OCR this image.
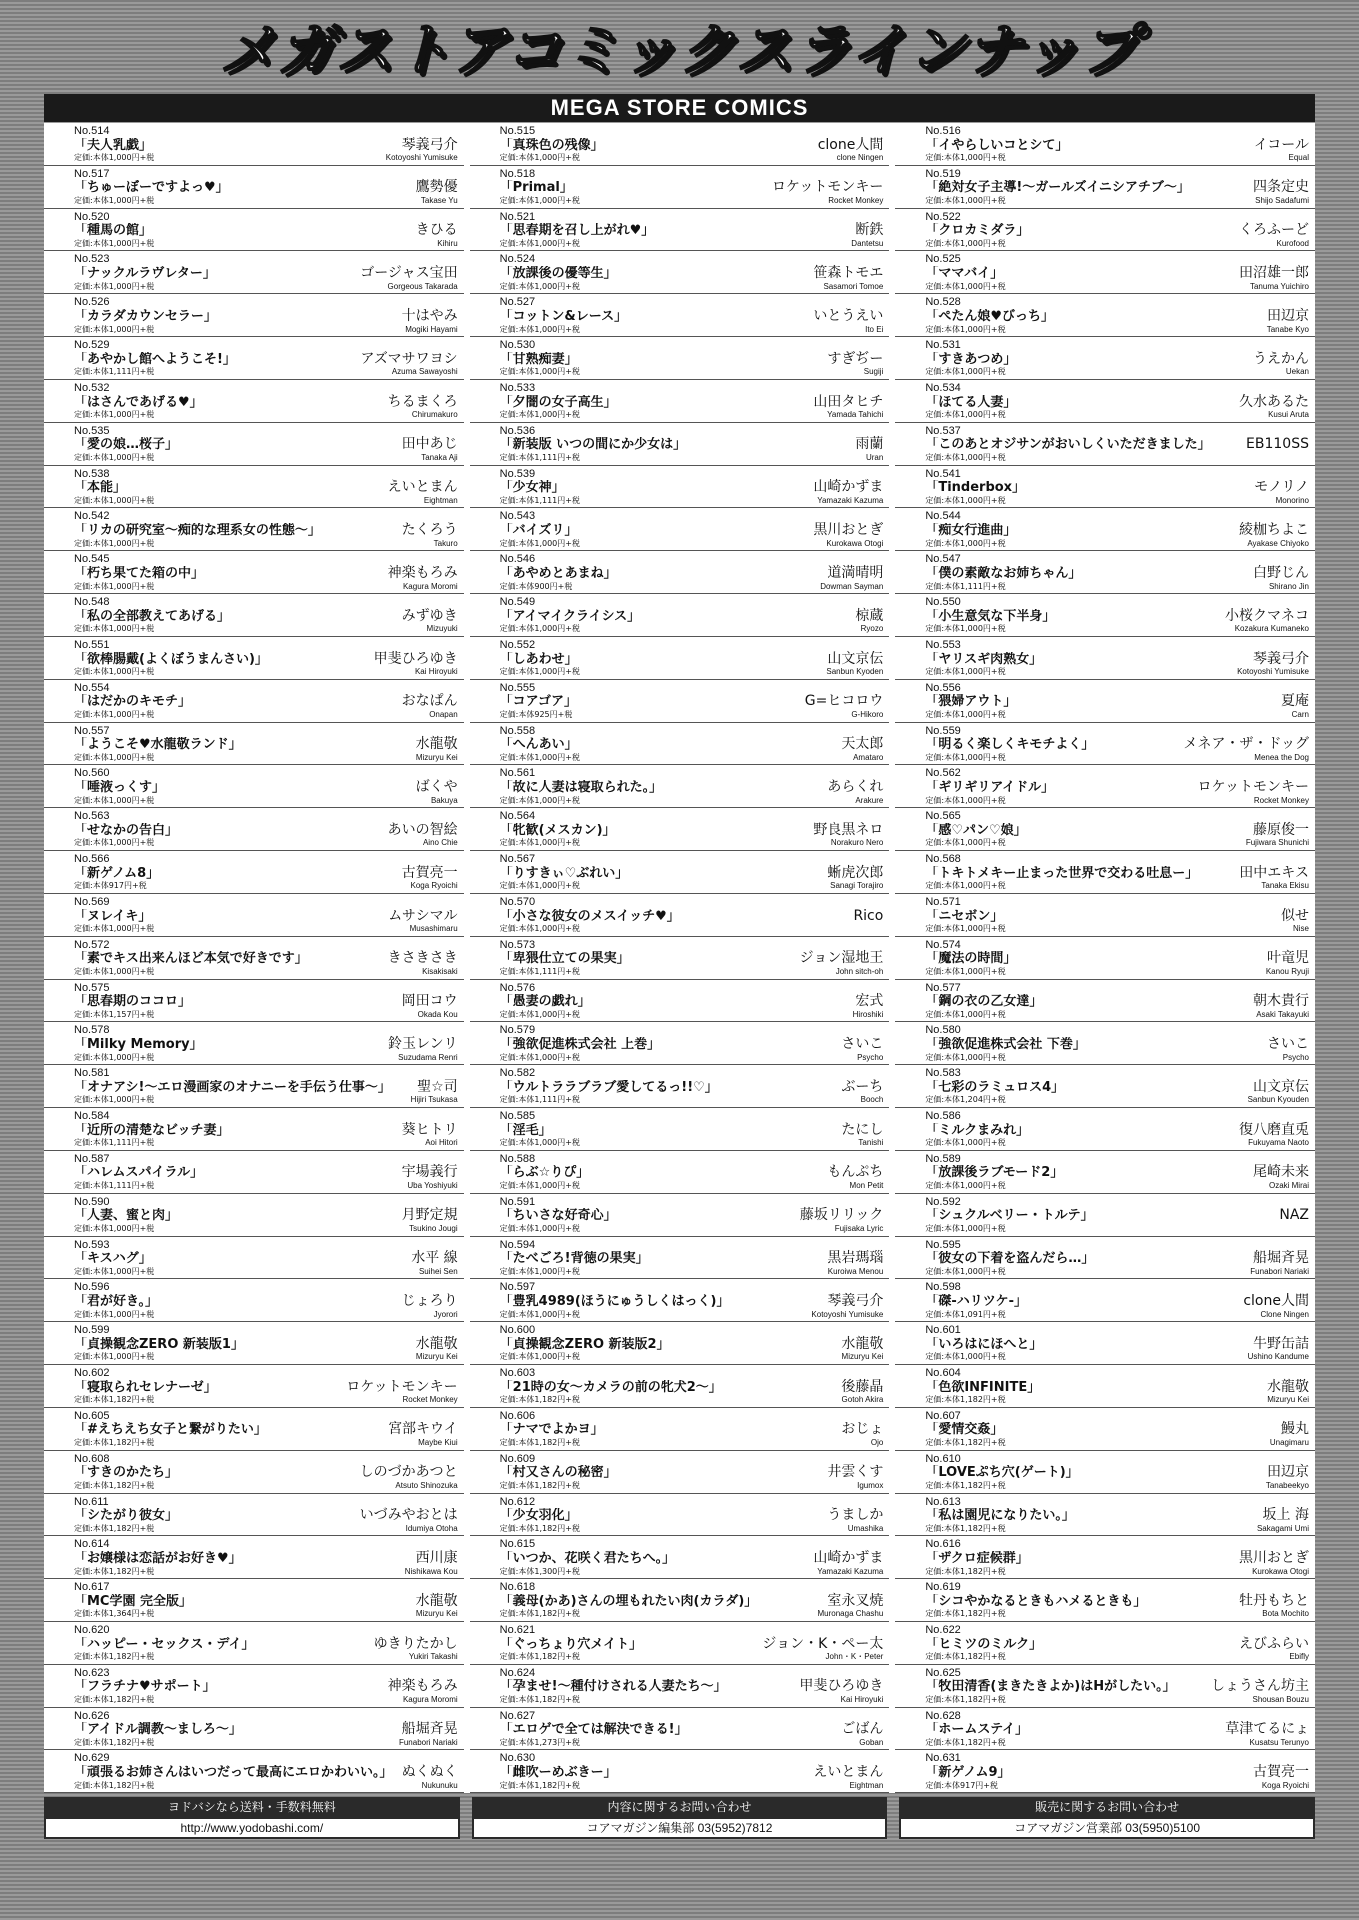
メガストアコミックスラインナップ
MEGA STORE COMICS
No.514
「夫人乳戯」	琴義弓介
定価:本体1,000円+税	Kotoyoshi Yumisuke
No.517
「ちゅーぼーですよっ♥」	鷹勢優
定価:本体1,000円+税	Takase Yu
No.520
「種馬の館」	きひる
定価:本体1,000円+税	Kihiru
No.523
「ナックルラヴレター」	ゴージャス宝田
定価:本体1,000円+税	Gorgeous Takarada
No.526
「カラダカウンセラー」	十はやみ
定価:本体1,000円+税	Mogiki Hayami
No.529
「あやかし館へようこそ!」	アズマサワヨシ
定価:本体1,111円+税	Azuma Sawayoshi
No.532
「はさんであげる♥」	ちるまくろ
定価:本体1,000円+税	Chirumakuro
No.535
「愛の娘…桜子」	田中あじ
定価:本体1,000円+税	Tanaka Aji
No.538
「本能」	えいとまん
定価:本体1,000円+税	Eightman
No.542
「リカの研究室〜痴的な理系女の性態〜」	たくろう
定価:本体1,000円+税	Takuro
No.545
「朽ち果てた箱の中」	神楽もろみ
定価:本体1,000円+税	Kagura Moromi
No.548
「私の全部教えてあげる」	みずゆき
定価:本体1,000円+税	Mizuyuki
No.551
「欲棒腸戴(よくぼうまんさい)」	甲斐ひろゆき
定価:本体1,000円+税	Kai Hiroyuki
No.554
「はだかのキモチ」	おなぱん
定価:本体1,000円+税	Onapan
No.557
「ようこそ♥水龍敬ランド」	水龍敬
定価:本体1,000円+税	Mizuryu Kei
No.560
「唾液っくす」	ばくや
定価:本体1,000円+税	Bakuya
No.563
「せなかの告白」	あいの智絵
定価:本体1,000円+税	Aino Chie
No.566
「新ゲノム8」	古賀亮一
定価:本体917円+税	Koga Ryoichi
No.569
「ヌレイキ」	ムサシマル
定価:本体1,000円+税	Musashimaru
No.572
「素でキス出来んほど本気で好きです」	きさきさき
定価:本体1,000円+税	Kisakisaki
No.575
「思春期のココロ」	岡田コウ
定価:本体1,157円+税	Okada Kou
No.578
「Milky Memory」	鈴玉レンリ
定価:本体1,000円+税	Suzudama Renri
No.581
「オナアシ!〜エロ漫画家のオナニーを手伝う仕事〜」	聖☆司
定価:本体1,000円+税	Hijiri Tsukasa
No.584
「近所の清楚なビッチ妻」	葵ヒトリ
定価:本体1,111円+税	Aoi Hitori
No.587
「ハレムスパイラル」	宇場義行
定価:本体1,111円+税	Uba Yoshiyuki
No.590
「人妻、蜜と肉」	月野定規
定価:本体1,000円+税	Tsukino Jougi
No.593
「キスハグ」	水平 線
定価:本体1,000円+税	Suihei Sen
No.596
「君が好き。」	じょろり
定価:本体1,000円+税	Jyorori
No.599
「貞操観念ZERO 新装版1」	水龍敬
定価:本体1,000円+税	Mizuryu Kei
No.602
「寝取られセレナーゼ」	ロケットモンキー
定価:本体1,182円+税	Rocket Monkey
No.605
「#えちえち女子と繋がりたい」	宮部キウイ
定価:本体1,182円+税	Maybe Kiui
No.608
「すきのかたち」	しのづかあつと
定価:本体1,182円+税	Atsuto Shinozuka
No.611
「シたがり彼女」	いづみやおとは
定価:本体1,182円+税	Idumiya Otoha
No.614
「お嬢様は恋話がお好き♥」	西川康
定価:本体1,182円+税	Nishikawa Kou
No.617
「MC学園 完全版」	水龍敬
定価:本体1,364円+税	Mizuryu Kei
No.620
「ハッピー・セックス・デイ」	ゆきりたかし
定価:本体1,182円+税	Yukiri Takashi
No.623
「フラチナ♥サポート」	神楽もろみ
定価:本体1,182円+税	Kagura Moromi
No.626
「アイドル調教〜ましろ〜」	船堀斉晃
定価:本体1,182円+税	Funabori Nariaki
No.629
「頑張るお姉さんはいつだって最高にエロかわいい。」 ぬくぬく
定価:本体1,182円+税	Nukunuku
No.515
「真珠色の残像」	clone人間
定価:本体1,000円+税	clone Ningen
No.518
「Primal」	ロケットモンキー
定価:本体1,000円+税	Rocket Monkey
No.521
「思春期を召し上がれ♥」	断鉄
定価:本体1,000円+税	Dantetsu
No.524
「放課後の優等生」	笹森トモエ
定価:本体1,000円+税	Sasamori Tomoe
No.527
「コットン&レース」	いとうえい
定価:本体1,000円+税	Ito Ei
No.530
「甘熟痴妻」	すぎぢー
定価:本体1,000円+税	Sugiji
No.533
「夕闇の女子高生」	山田タヒチ
定価:本体1,000円+税	Yamada Tahichi
No.536
「新装版 いつの間にか少女は」	雨蘭
定価:本体1,111円+税	Uran
No.539
「少女神」	山崎かずま
定価:本体1,111円+税	Yamazaki Kazuma
No.543
「バイズリ」	黒川おとぎ
定価:本体1,000円+税	Kurokawa Otogi
No.546
「あやめとあまね」	道満晴明
定価:本体900円+税	Dowman Sayman
No.549
「アイマイクライシス」	椋蔵
定価:本体1,000円+税	Ryozo
No.552
「しあわせ」	山文京伝
定価:本体1,000円+税	Sanbun Kyoden
No.555
「コアゴア」	G=ヒコロウ
定価:本体925円+税	G-Hikoro
No.558
「へんあい」	天太郎
定価:本体1,000円+税	Amataro
No.561
「故に人妻は寝取られた。」	あらくれ
定価:本体1,000円+税	Arakure
No.564
「牝歓(メスカン)」	野良黒ネロ
定価:本体1,000円+税	Norakuro Nero
No.567
「りすきぃ♡ぶれい」	蜥虎次郎
定価:本体1,000円+税	Sanagi Torajiro
No.570
「小さな彼女のメスイッチ♥」	Rico
定価:本体1,000円+税
No.573
「卑猥仕立ての果実」	ジョン湿地王
定価:本体1,111円+税	John sitch-oh
No.576
「愚妻の戯れ」	宏式
定価:本体1,000円+税	Hiroshiki
No.579
「強欲促進株式会社 上巻」	さいこ
定価:本体1,000円+税	Psycho
No.582
「ウルトララブラブ愛してるっ!!♡」	ぶーち
定価:本体1,111円+税	Booch
No.585
「淫毛」	たにし
定価:本体1,000円+税	Tanishi
No.588
「らぶ☆りぴ」	もんぷち
定価:本体1,000円+税	Mon Petit
No.591
「ちいさな好奇心」	藤坂リリック
定価:本体1,000円+税	Fujisaka Lyric
No.594
「たべごろ!背徳の果実」	黒岩瑪瑙
定価:本体1,000円+税	Kuroiwa Menou
No.597
「豊乳4989(ほうにゅうしくはっく)」	琴義弓介
定価:本体1,000円+税	Kotoyoshi Yumisuke
No.600
「貞操観念ZERO 新装版2」	水龍敬
定価:本体1,000円+税	Mizuryu Kei
No.603
「21時の女〜カメラの前の牝犬2〜」	後藤晶
定価:本体1,182円+税	Gotoh Akira
No.606
「ナマでよかヨ」	おじょ
定価:本体1,182円+税	Ojo
No.609
「村又さんの秘密」	井雲くす
定価:本体1,182円+税	Igumox
No.612
「少女羽化」	うましか
定価:本体1,182円+税	Umashika
No.615
「いつか、花咲く君たちへ。」	山崎かずま
定価:本体1,300円+税	Yamazaki Kazuma
No.618
「義母(かあ)さんの埋もれたい肉(カラダ)」	室永叉焼
定価:本体1,182円+税	Muronaga Chashu
No.621
「ぐっちょり穴メイト」	ジョン・K・ペー太
定価:本体1,182円+税	John・K・Peter
No.624
「孕ませ!〜種付けされる人妻たち〜」	甲斐ひろゆき
定価:本体1,182円+税	Kai Hiroyuki
No.627
「エロゲで全ては解決できる!」	ごばん
定価:本体1,273円+税	Goban
No.630
「雌吹ーめぶきー」	えいとまん
定価:本体1,182円+税	Eightman
No.516
「イやらしいコとシて」	イコール
定価:本体1,000円+税	Equal
No.519
「絶対女子主導!〜ガールズイニシアチブ〜」	四条定史
定価:本体1,000円+税	Shijo Sadafumi
No.522
「クロカミダラ」	くろふーど
定価:本体1,000円+税	Kurofood
No.525
「ママバイ」	田沼雄一郎
定価:本体1,000円+税	Tanuma Yuichiro
No.528
「ぺたん娘♥びっち」	田辺京
定価:本体1,000円+税	Tanabe Kyo
No.531
「すきあつめ」	うえかん
定価:本体1,000円+税	Uekan
No.534
「ほてる人妻」	久水あるた
定価:本体1,000円+税	Kusui Aruta
No.537
「このあとオジサンがおいしくいただきました」	EB110SS
定価:本体1,000円+税
No.541
「Tinderbox」	モノリノ
定価:本体1,000円+税	Monorino
No.544
「痴女行進曲」	綾枷ちよこ
定価:本体1,000円+税	Ayakase Chiyoko
No.547
「僕の素敵なお姉ちゃん」	白野じん
定価:本体1,111円+税	Shirano Jin
No.550
「小生意気な下半身」	小桜クマネコ
定価:本体1,000円+税	Kozakura Kumaneko
No.553
「ヤリスギ肉熟女」	琴義弓介
定価:本体1,000円+税	Kotoyoshi Yumisuke
No.556
「猥婦アウト」	夏庵
定価:本体1,000円+税	Carn
No.559
「明るく楽しくキモチよく」	メネア・ザ・ドッグ
定価:本体1,000円+税	Menea the Dog
No.562
「ギリギリアイドル」	ロケットモンキー
定価:本体1,000円+税	Rocket Monkey
No.565
「感♡パン♡娘」	藤原俊一
定価:本体1,000円+税	Fujiwara Shunichi
No.568
「トキトメキー止まった世界で交わる吐息ー」	田中エキス
定価:本体1,000円+税	Tanaka Ekisu
No.571
「ニセボン」	似せ
定価:本体1,000円+税	Nise
No.574
「魔法の時間」	叶竜児
定価:本体1,000円+税	Kanou Ryuji
No.577
「鋼の衣の乙女達」	朝木貴行
定価:本体1,000円+税	Asaki Takayuki
No.580
「強欲促進株式会社 下巻」	さいこ
定価:本体1,000円+税	Psycho
No.583
「七彩のラミュロス4」	山文京伝
定価:本体1,204円+税	Sanbun Kyouden
No.586
「ミルクまみれ」	復八磨直兎
定価:本体1,000円+税	Fukuyama Naoto
No.589
「放課後ラブモード2」	尾崎未来
定価:本体1,000円+税	Ozaki Mirai
No.592
「シュクルベリー・トルテ」	NAZ
定価:本体1,000円+税
No.595
「彼女の下着を盗んだら…」	船堀斉晃
定価:本体1,000円+税	Funabori Nariaki
No.598
「磔-ハリツケ-」	clone人間
定価:本体1,091円+税	Clone Ningen
No.601
「いろはにほへと」	牛野缶詰
定価:本体1,000円+税	Ushino Kandume
No.604
「色欲INFINITE」	水龍敬
定価:本体1,182円+税	Mizuryu Kei
No.607
「愛情交姦」	鰻丸
定価:本体1,182円+税	Unagimaru
No.610
「LOVEぷち穴(ゲート)」	田辺京
定価:本体1,182円+税	Tanabeekyo
No.613
「私は園児になりたい。」	坂上 海
定価:本体1,182円+税	Sakagami Umi
No.616
「ザクロ症候群」	黒川おとぎ
定価:本体1,182円+税	Kurokawa Otogi
No.619
「シコやかなるときもハメるときも」	牡丹もちと
定価:本体1,182円+税	Bota Mochito
No.622
「ヒミツのミルク」	えびふらい
定価:本体1,182円+税	Ebifly
No.625
「牧田清香(まきたきよか)はHがしたい。」	しょうさん坊主
定価:本体1,182円+税	Shousan Bouzu
No.628
「ホームステイ」	草津てるにょ
定価:本体1,182円+税	Kusatsu Terunyo
No.631
「新ゲノム9」	古賀亮一
定価:本体917円+税	Koga Ryoichi
ヨドバシなら送料・手数料無料
http://www.yodobashi.com/
内容に関するお問い合わせ
コアマガジン編集部 03(5952)7812
販売に関するお問い合わせ
コアマガジン営業部 03(5950)5100
